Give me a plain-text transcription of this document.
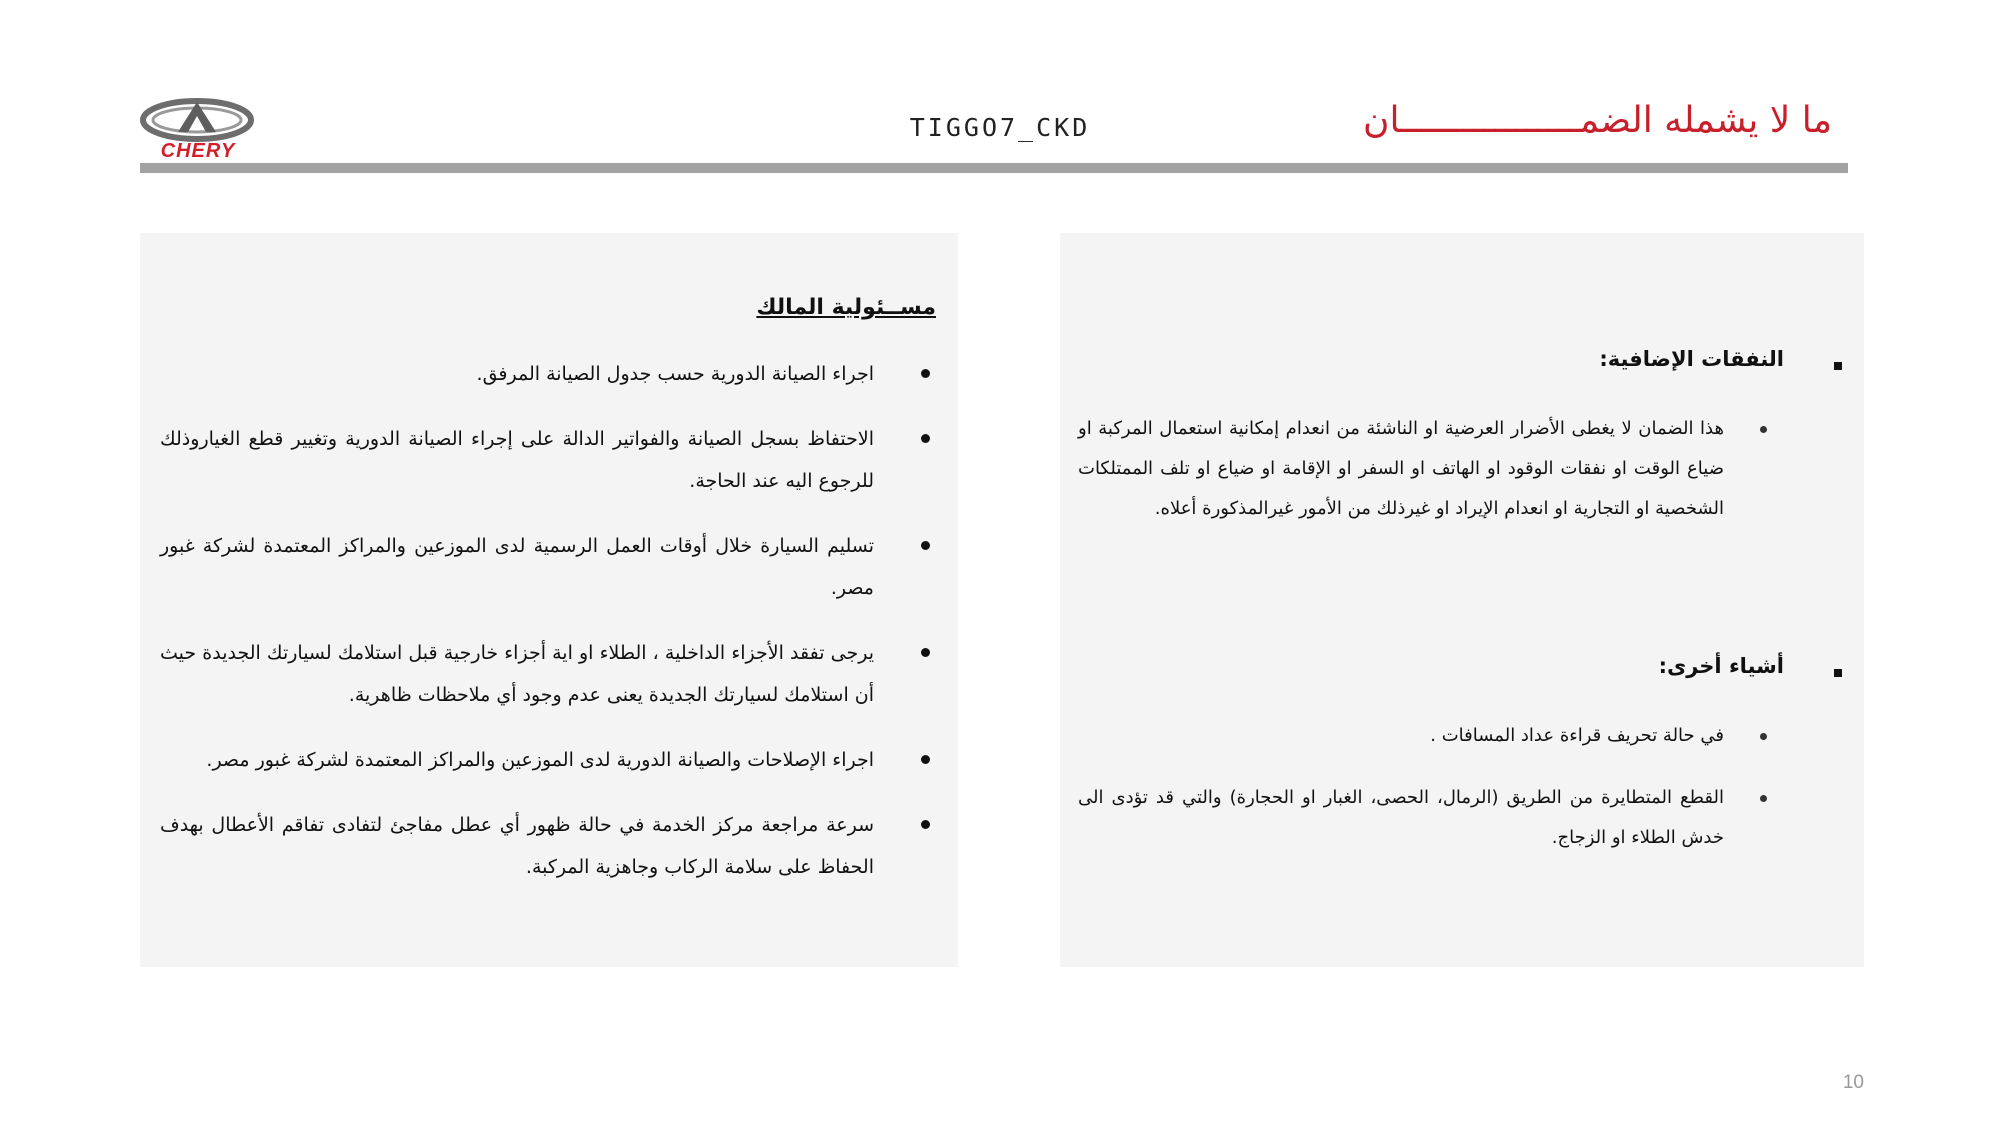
CHERY
TIGGO7_CKD	ما لا يشمله الضمـــــــــــــــــان
مســئولية المالك
اجراء الصيانة الدورية حسب جدول الصيانة المرفق.
الاحتفاظ بسجل الصيانة والفواتير الدالة على إجراء الصيانة الدورية وتغيير قطع الغياروذلك للرجوع اليه عند الحاجة.
تسليم السيارة خلال أوقات العمل الرسمية لدى الموزعين والمراكز المعتمدة لشركة غبور مصر.
يرجى تفقد الأجزاء الداخلية ، الطلاء او اية أجزاء خارجية قبل استلامك لسيارتك الجديدة حيث أن استلامك لسيارتك الجديدة يعنى عدم وجود أي ملاحظات ظاهرية.
اجراء الإصلاحات والصيانة الدورية لدى الموزعين والمراكز المعتمدة لشركة غبور مصر.
سرعة مراجعة مركز الخدمة في حالة ظهور أي عطل مفاجئ لتفادى تفاقم الأعطال بهدف الحفاظ على سلامة الركاب وجاهزية المركبة.
النفقات الإضافية:
هذا الضمان لا يغطى الأضرار العرضية او الناشئة من انعدام إمكانية استعمال المركبة او ضياع الوقت او نفقات الوقود او الهاتف او السفر او الإقامة او ضياع او تلف الممتلكات الشخصية او التجارية او انعدام الإيراد او غيرذلك من الأمور غيرالمذكورة أعلاه.
أشياء أخرى:
في حالة تحريف قراءة عداد المسافات .
القطع المتطايرة من الطريق (الرمال، الحصى، الغبار او الحجارة) والتي قد تؤدى الى خدش الطلاء او الزجاج.
10
